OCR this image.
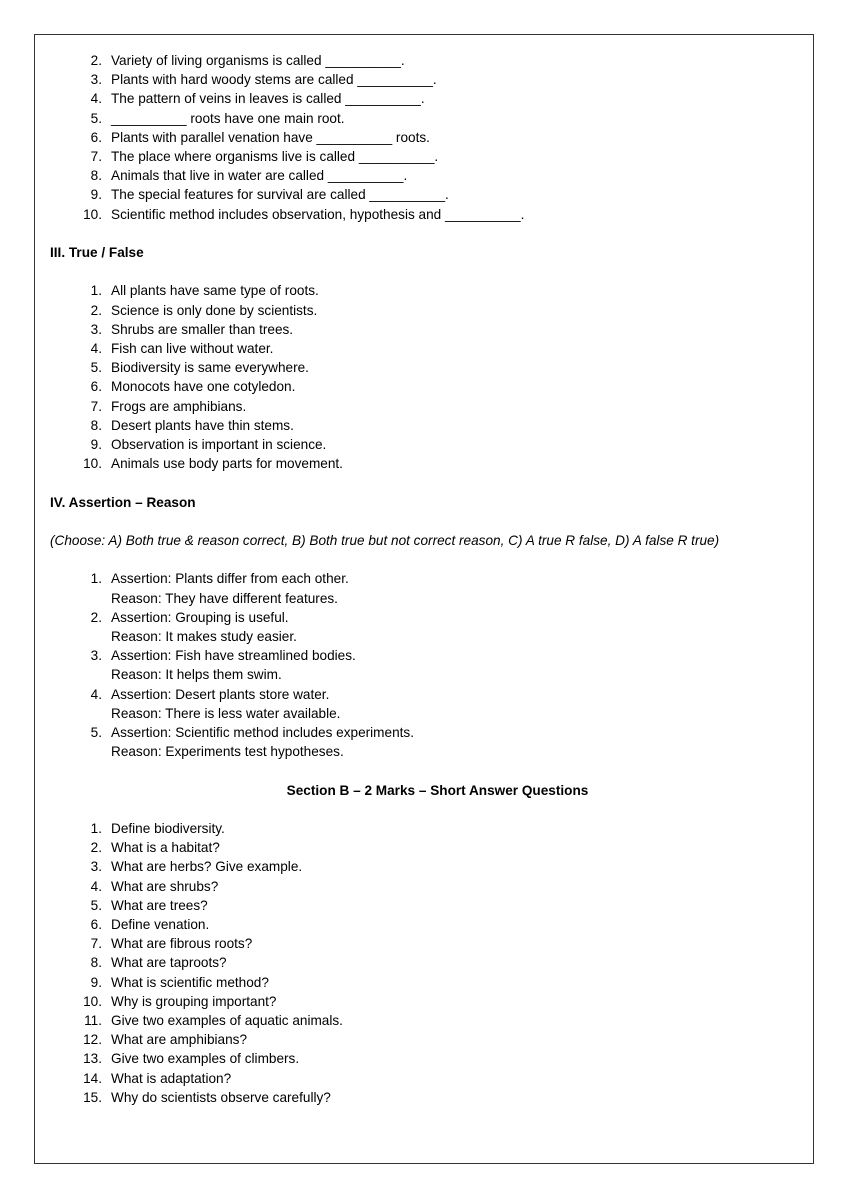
2. Variety of living organisms is called __________.
3. Plants with hard woody stems are called __________.
4. The pattern of veins in leaves is called __________.
5. __________ roots have one main root.
6. Plants with parallel venation have __________ roots.
7. The place where organisms live is called __________.
8. Animals that live in water are called __________.
9. The special features for survival are called __________.
10. Scientific method includes observation, hypothesis and __________.
III. True / False
1. All plants have same type of roots.
2. Science is only done by scientists.
3. Shrubs are smaller than trees.
4. Fish can live without water.
5. Biodiversity is same everywhere.
6. Monocots have one cotyledon.
7. Frogs are amphibians.
8. Desert plants have thin stems.
9. Observation is important in science.
10. Animals use body parts for movement.
IV. Assertion – Reason
(Choose: A) Both true & reason correct, B) Both true but not correct reason, C) A true R false, D) A false R true)
1. Assertion: Plants differ from each other.
Reason: They have different features.
2. Assertion: Grouping is useful.
Reason: It makes study easier.
3. Assertion: Fish have streamlined bodies.
Reason: It helps them swim.
4. Assertion: Desert plants store water.
Reason: There is less water available.
5. Assertion: Scientific method includes experiments.
Reason: Experiments test hypotheses.
Section B – 2 Marks – Short Answer Questions
1. Define biodiversity.
2. What is a habitat?
3. What are herbs? Give example.
4. What are shrubs?
5. What are trees?
6. Define venation.
7. What are fibrous roots?
8. What are taproots?
9. What is scientific method?
10. Why is grouping important?
11. Give two examples of aquatic animals.
12. What are amphibians?
13. Give two examples of climbers.
14. What is adaptation?
15. Why do scientists observe carefully?
